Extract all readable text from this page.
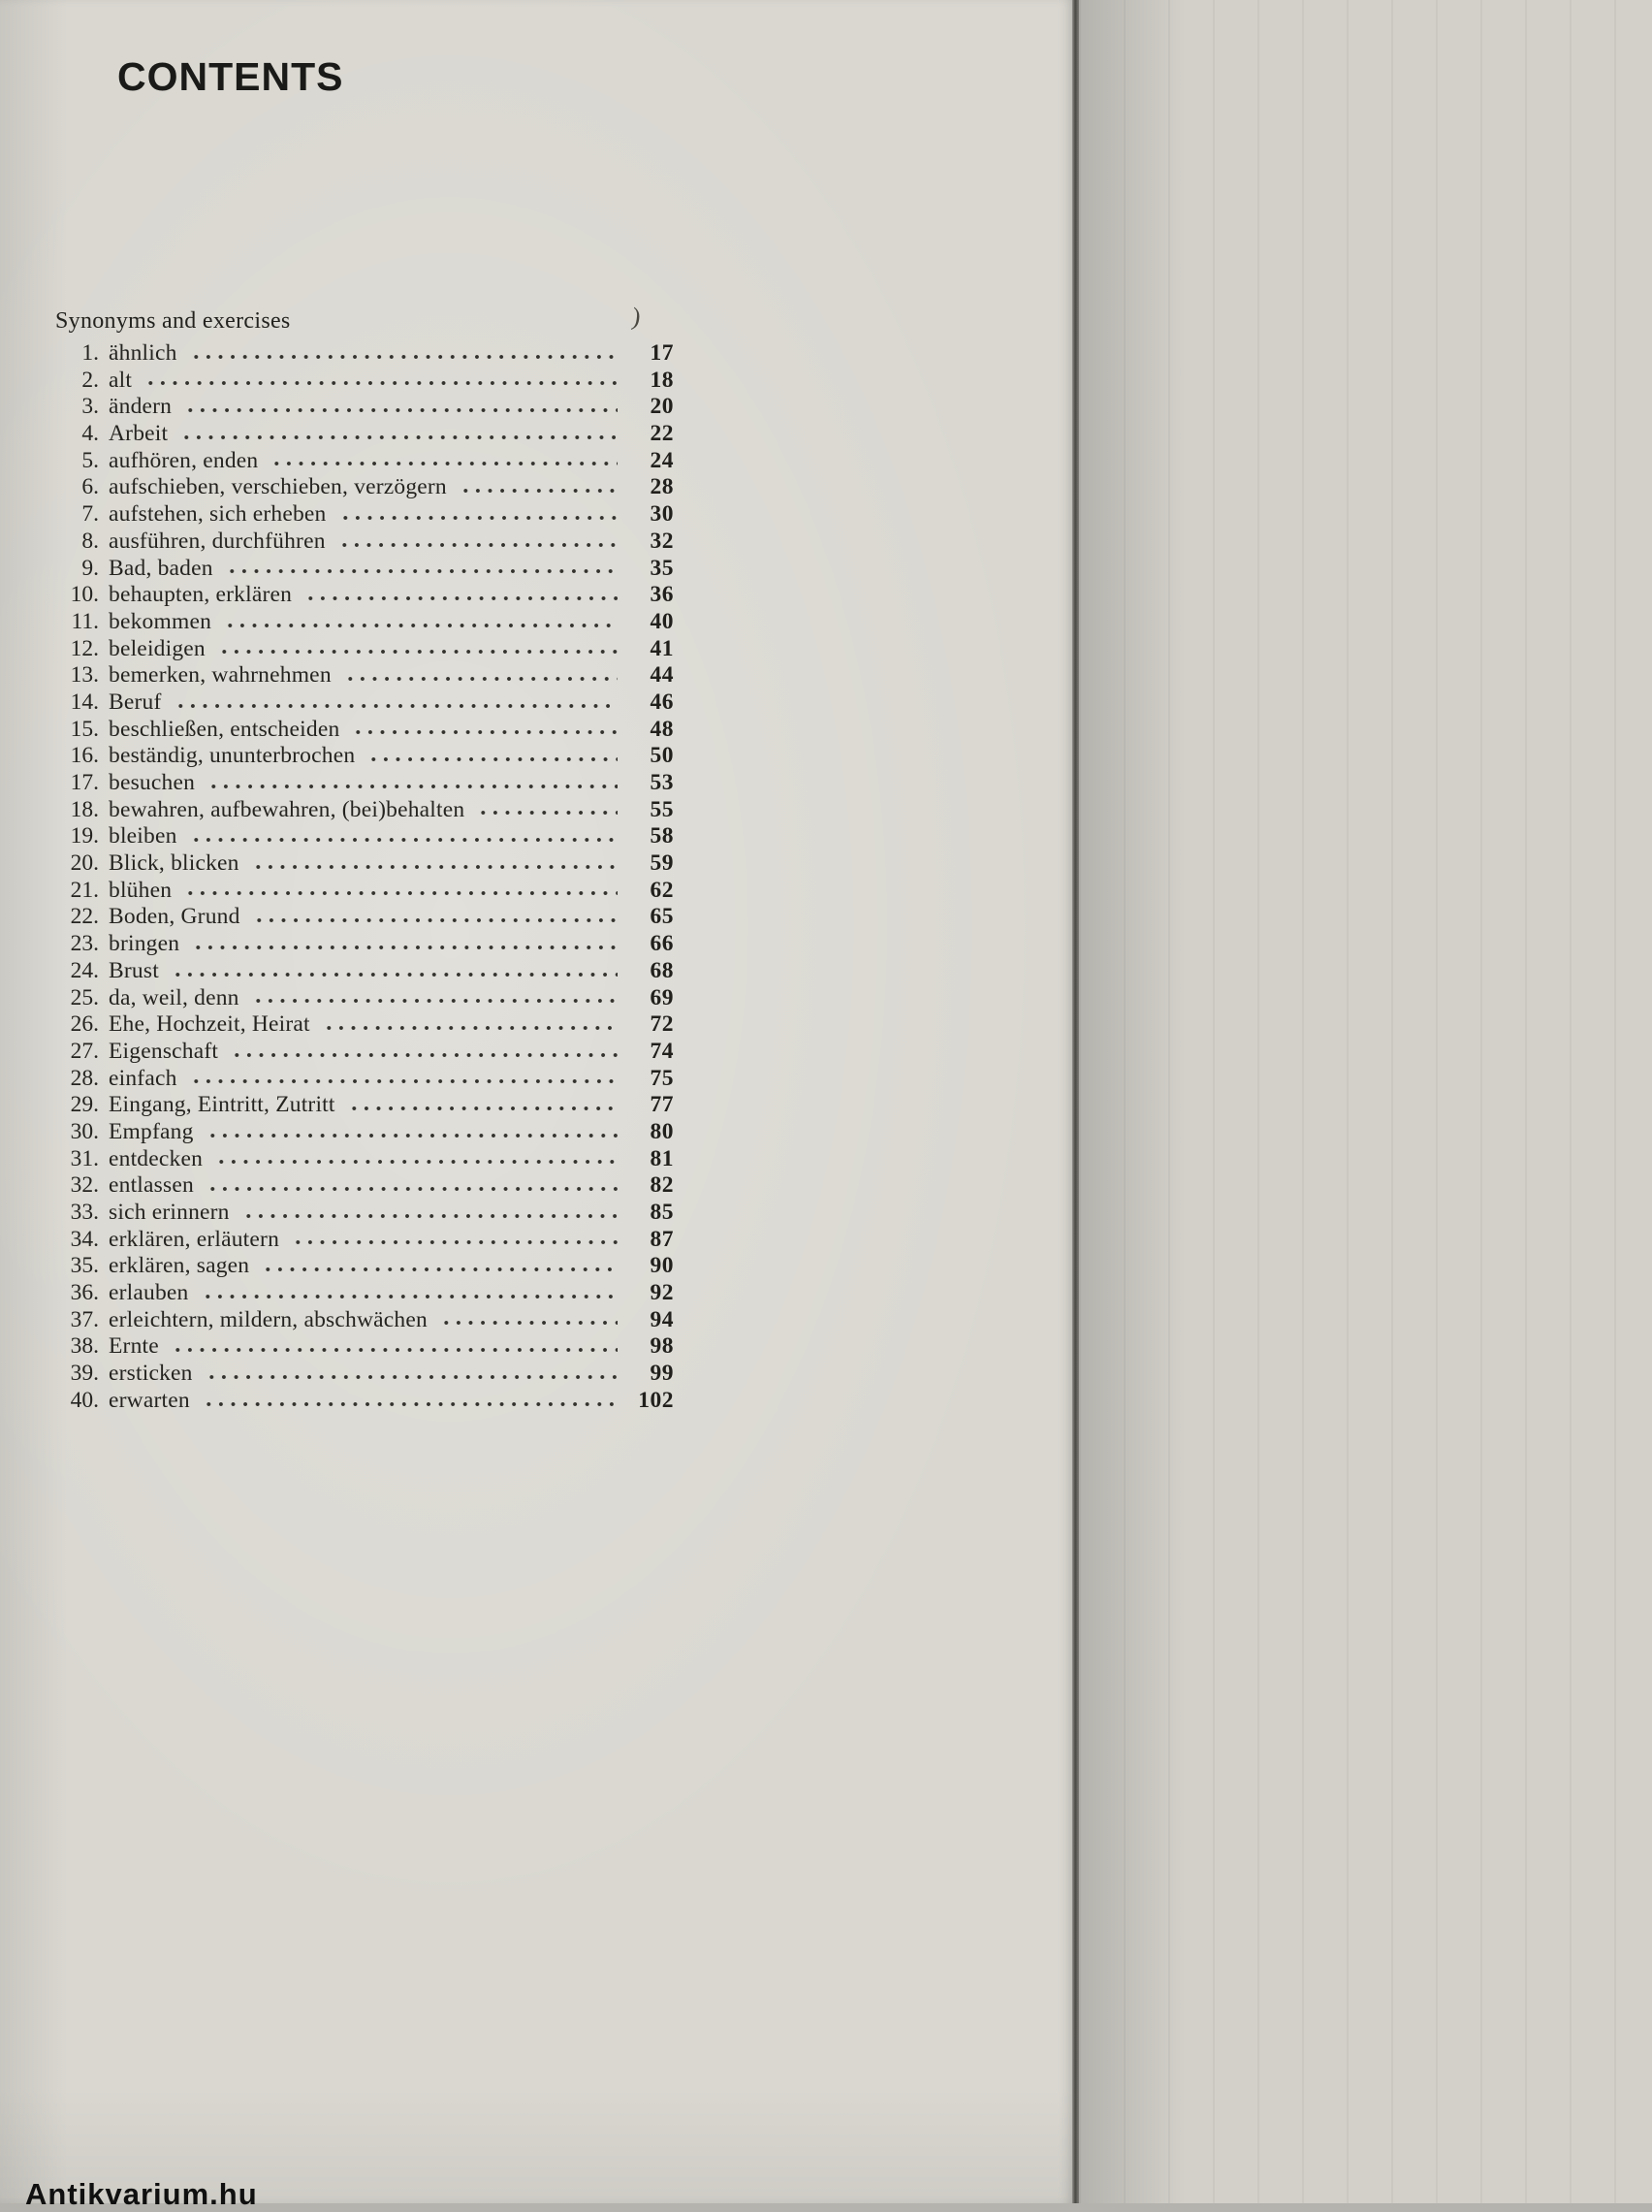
CONTENTS
Synonyms and exercises	)
1. ähnlich	17
2. alt	18
3. ändern	20
4. Arbeit	22
5. aufhören, enden	24
6. aufschieben, verschieben, verzögern	28
7. aufstehen, sich erheben	30
8. ausführen, durchführen	32
9. Bad, baden	35
10. behaupten, erklären	36
11. bekommen	40
12. beleidigen	41
13. bemerken, wahrnehmen	44
14. Beruf	46
15. beschließen, entscheiden	48
16. beständig, ununterbrochen	50
17. besuchen	53
18. bewahren, aufbewahren, (bei)behalten	55
19. bleiben	58
20. Blick, blicken	59
21. blühen	62
22. Boden, Grund	65
23. bringen	66
24. Brust	68
25. da, weil, denn	69
26. Ehe, Hochzeit, Heirat	72
27. Eigenschaft	74
28. einfach	75
29. Eingang, Eintritt, Zutritt	77
30. Empfang	80
31. entdecken	81
32. entlassen	82
33. sich erinnern	85
34. erklären, erläutern	87
35. erklären, sagen	90
36. erlauben	92
37. erleichtern, mildern, abschwächen	94
38. Ernte	98
39. ersticken	99
40. erwarten	102
Antikvarium.hu
